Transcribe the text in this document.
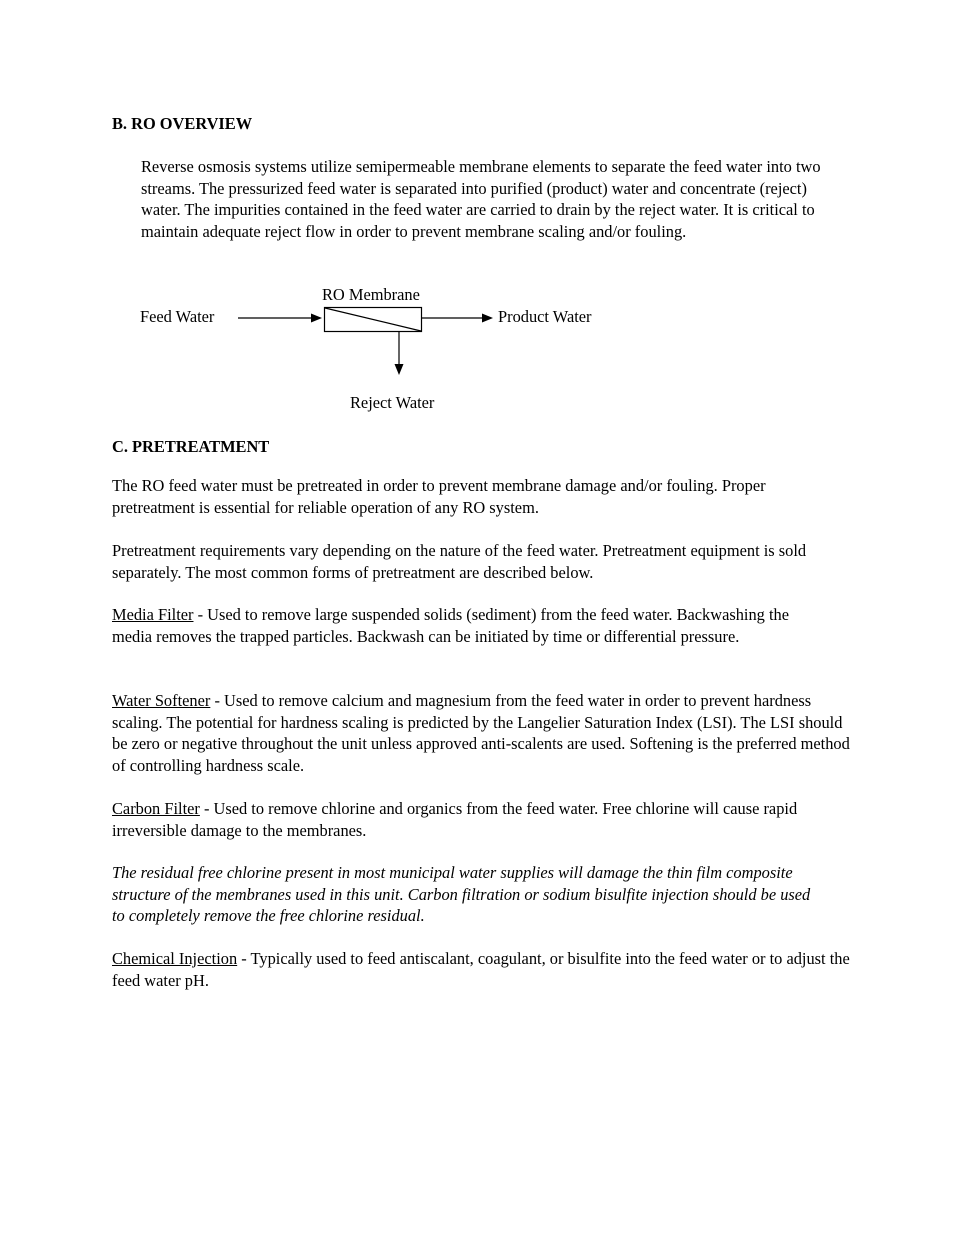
B. RO OVERVIEW

Reverse osmosis systems utilize semipermeable membrane elements to separate the feed water into two streams. The pressurized feed water is separated into purified (product) water and concentrate (reject) water. The impurities contained in the feed water are carried to drain by the reject water. It is critical to maintain adequate reject flow in order to prevent membrane scaling and/or fouling.

RO Membrane
Feed Water	Product Water
Reject Water
C. PRETREATMENT

The RO feed water must be pretreated in order to prevent membrane damage and/or fouling. Proper pretreatment is essential for reliable operation of any RO system.

Pretreatment requirements vary depending on the nature of the feed water. Pretreatment equipment is sold separately. The most common forms of pretreatment are described below.

Media Filter - Used to remove large suspended solids (sediment) from the feed water. Backwashing the media removes the trapped particles. Backwash can be initiated by time or differential pressure.

Water Softener - Used to remove calcium and magnesium from the feed water in order to prevent hardness scaling. The potential for hardness scaling is predicted by the Langelier Saturation Index (LSI). The LSI should be zero or negative throughout the unit unless approved anti-scalents are used. Softening is the preferred method of controlling hardness scale.

Carbon Filter - Used to remove chlorine and organics from the feed water. Free chlorine will cause rapid irreversible damage to the membranes.

The residual free chlorine present in most municipal water supplies will damage the thin film composite structure of the membranes used in this unit. Carbon filtration or sodium bisulfite injection should be used to completely remove the free chlorine residual.

Chemical Injection - Typically used to feed antiscalant, coagulant, or bisulfite into the feed water or to adjust the feed water pH.
